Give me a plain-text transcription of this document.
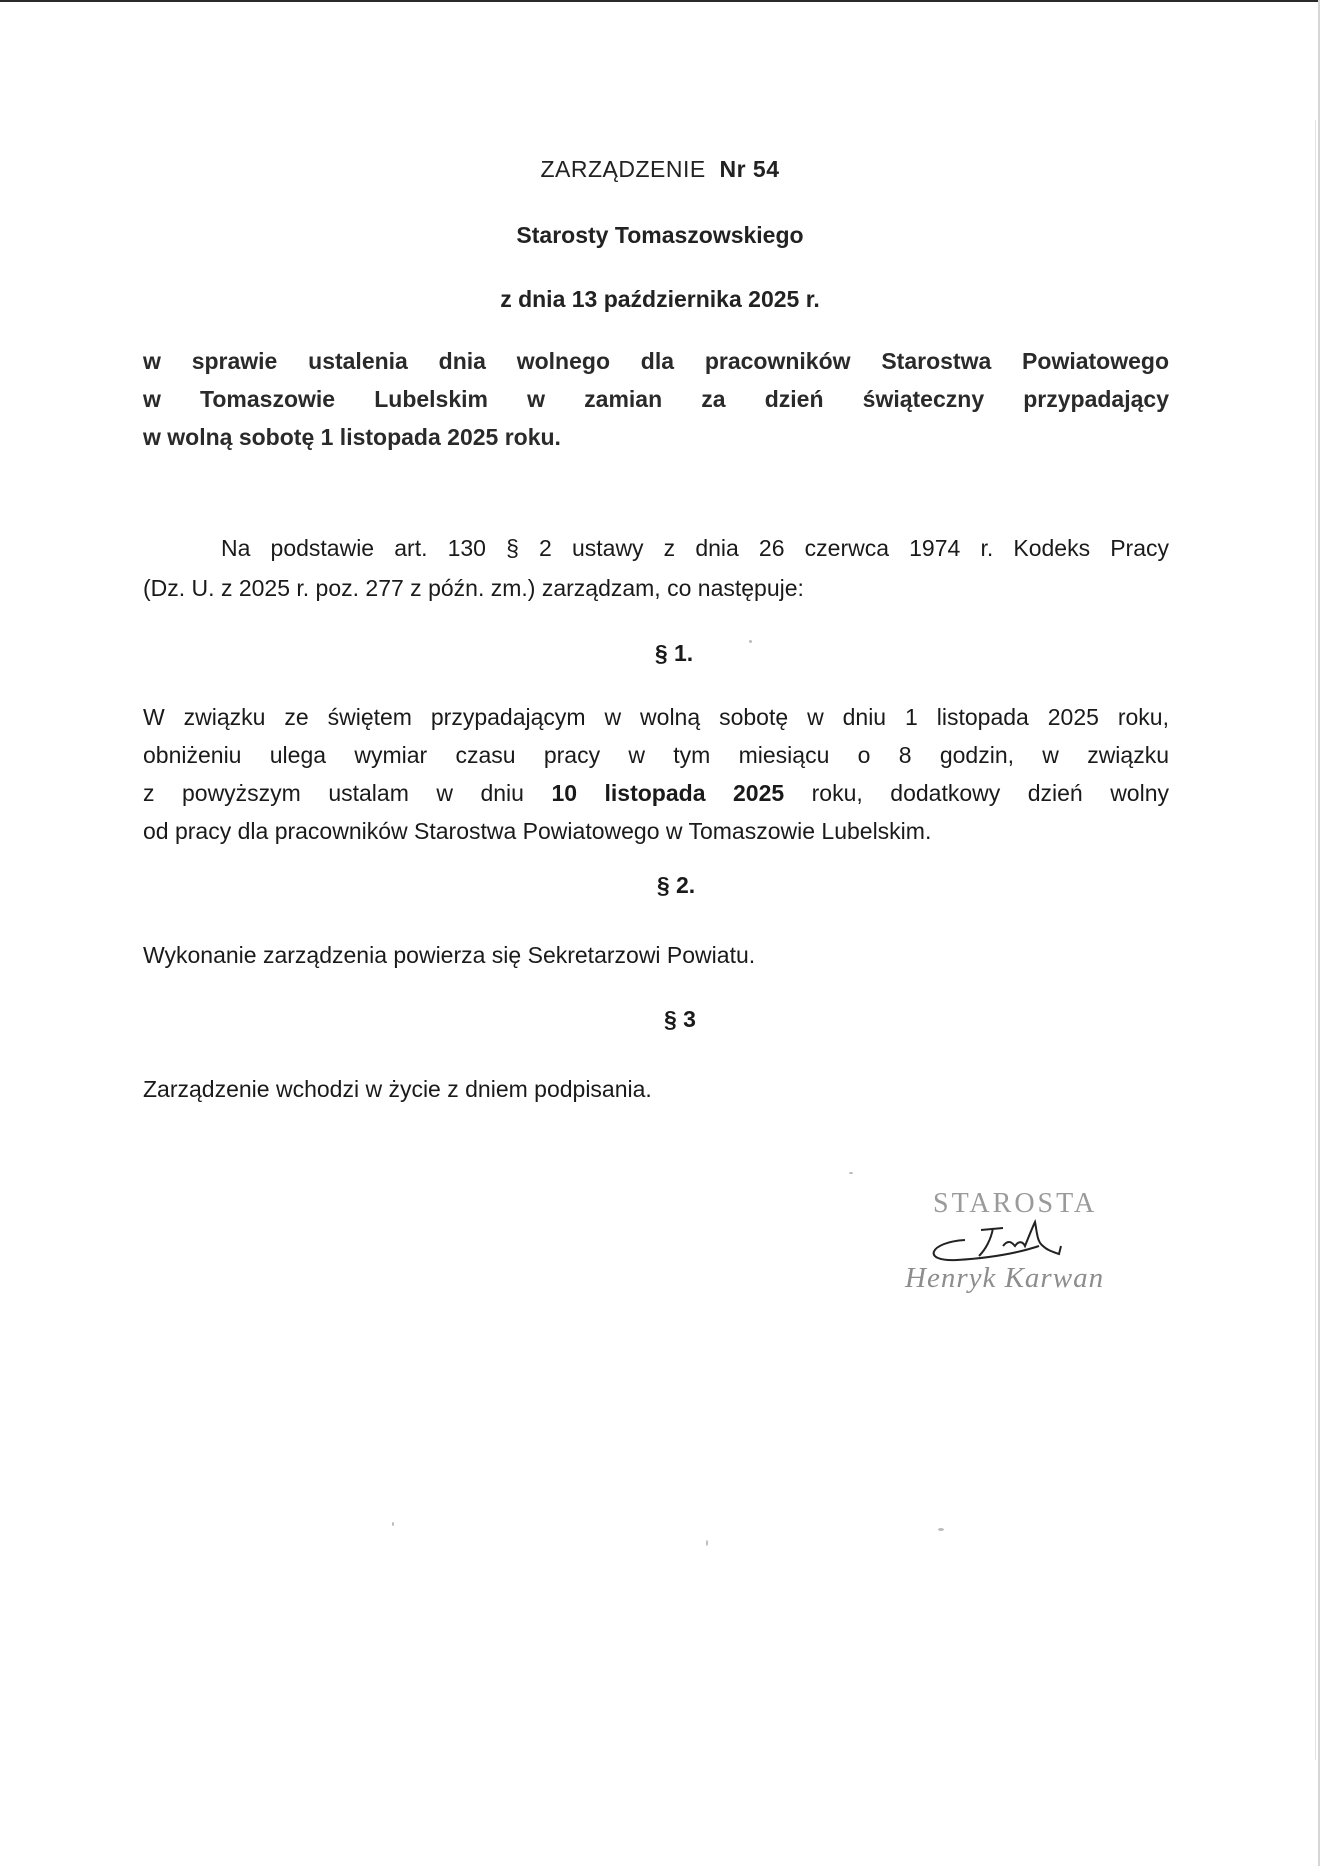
ZARZĄDZENIE Nr 54
Starosty Tomaszowskiego
z dnia 13 października 2025 r.
w sprawie ustalenia dnia wolnego dla pracowników Starostwa Powiatowego
w Tomaszowie Lubelskim w zamian za dzień świąteczny przypadający
w wolną sobotę 1 listopada 2025 roku.
Na podstawie art. 130 § 2 ustawy z dnia 26 czerwca 1974 r. Kodeks Pracy
(Dz. U. z 2025 r. poz. 277 z późn. zm.) zarządzam, co następuje:
§ 1.
W związku ze świętem przypadającym w wolną sobotę w dniu 1 listopada 2025 roku,
obniżeniu ulega wymiar czasu pracy w tym miesiącu o 8 godzin, w związku
z powyższym ustalam w dniu 10 listopada 2025 roku, dodatkowy dzień wolny
od pracy dla pracowników Starostwa Powiatowego w Tomaszowie Lubelskim.
§ 2.
Wykonanie zarządzenia powierza się Sekretarzowi Powiatu.
§ 3
Zarządzenie wchodzi w życie z dniem podpisania.
STAROSTA
Henryk Karwan
